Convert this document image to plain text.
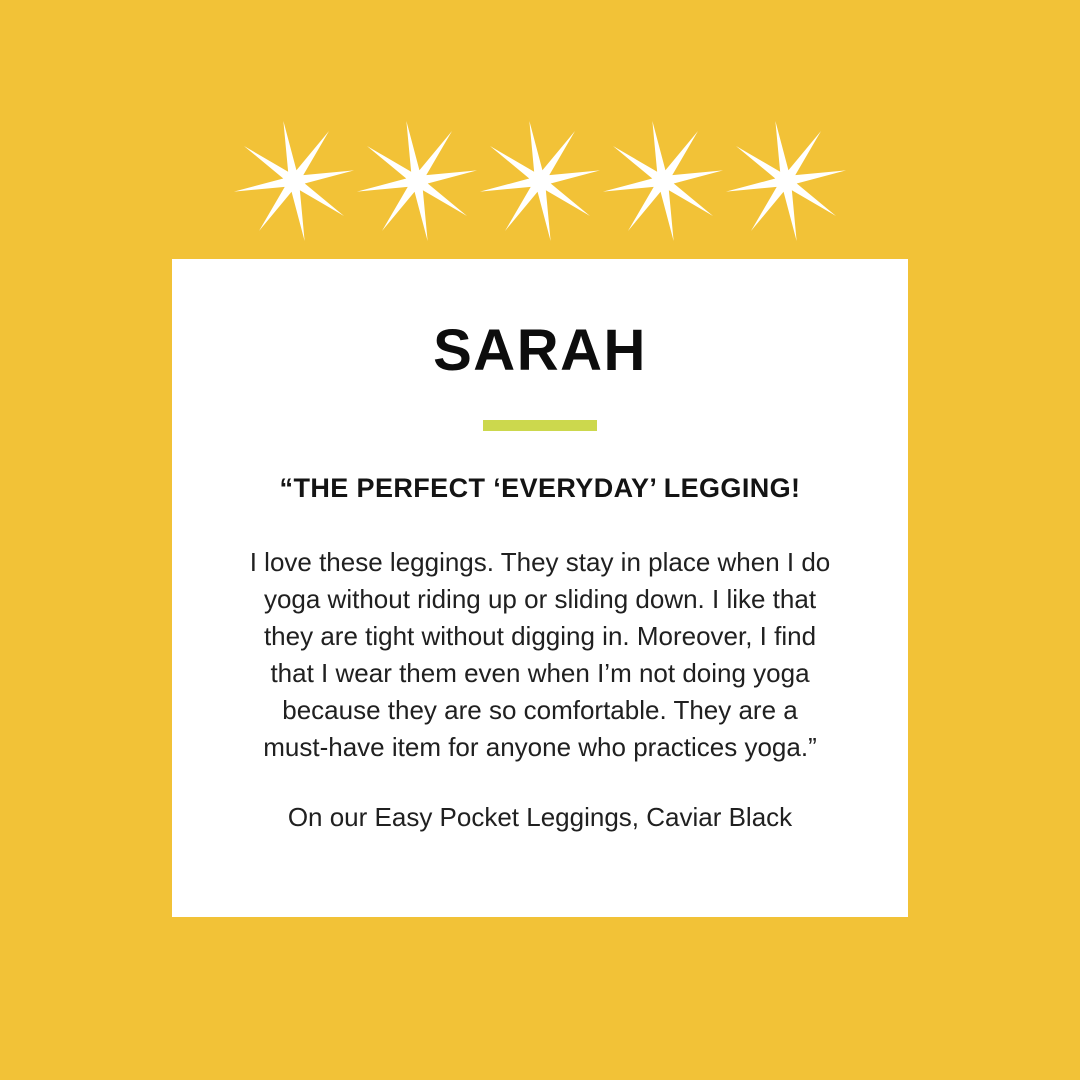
SARAH
“THE PERFECT ‘EVERYDAY’ LEGGING!
I love these leggings. They stay in place when I do yoga without riding up or sliding down. I like that they are tight without digging in. Moreover, I find that I wear them even when I’m not doing yoga because they are so comfortable. They are a must-have item for anyone who practices yoga.”
On our Easy Pocket Leggings, Caviar Black
